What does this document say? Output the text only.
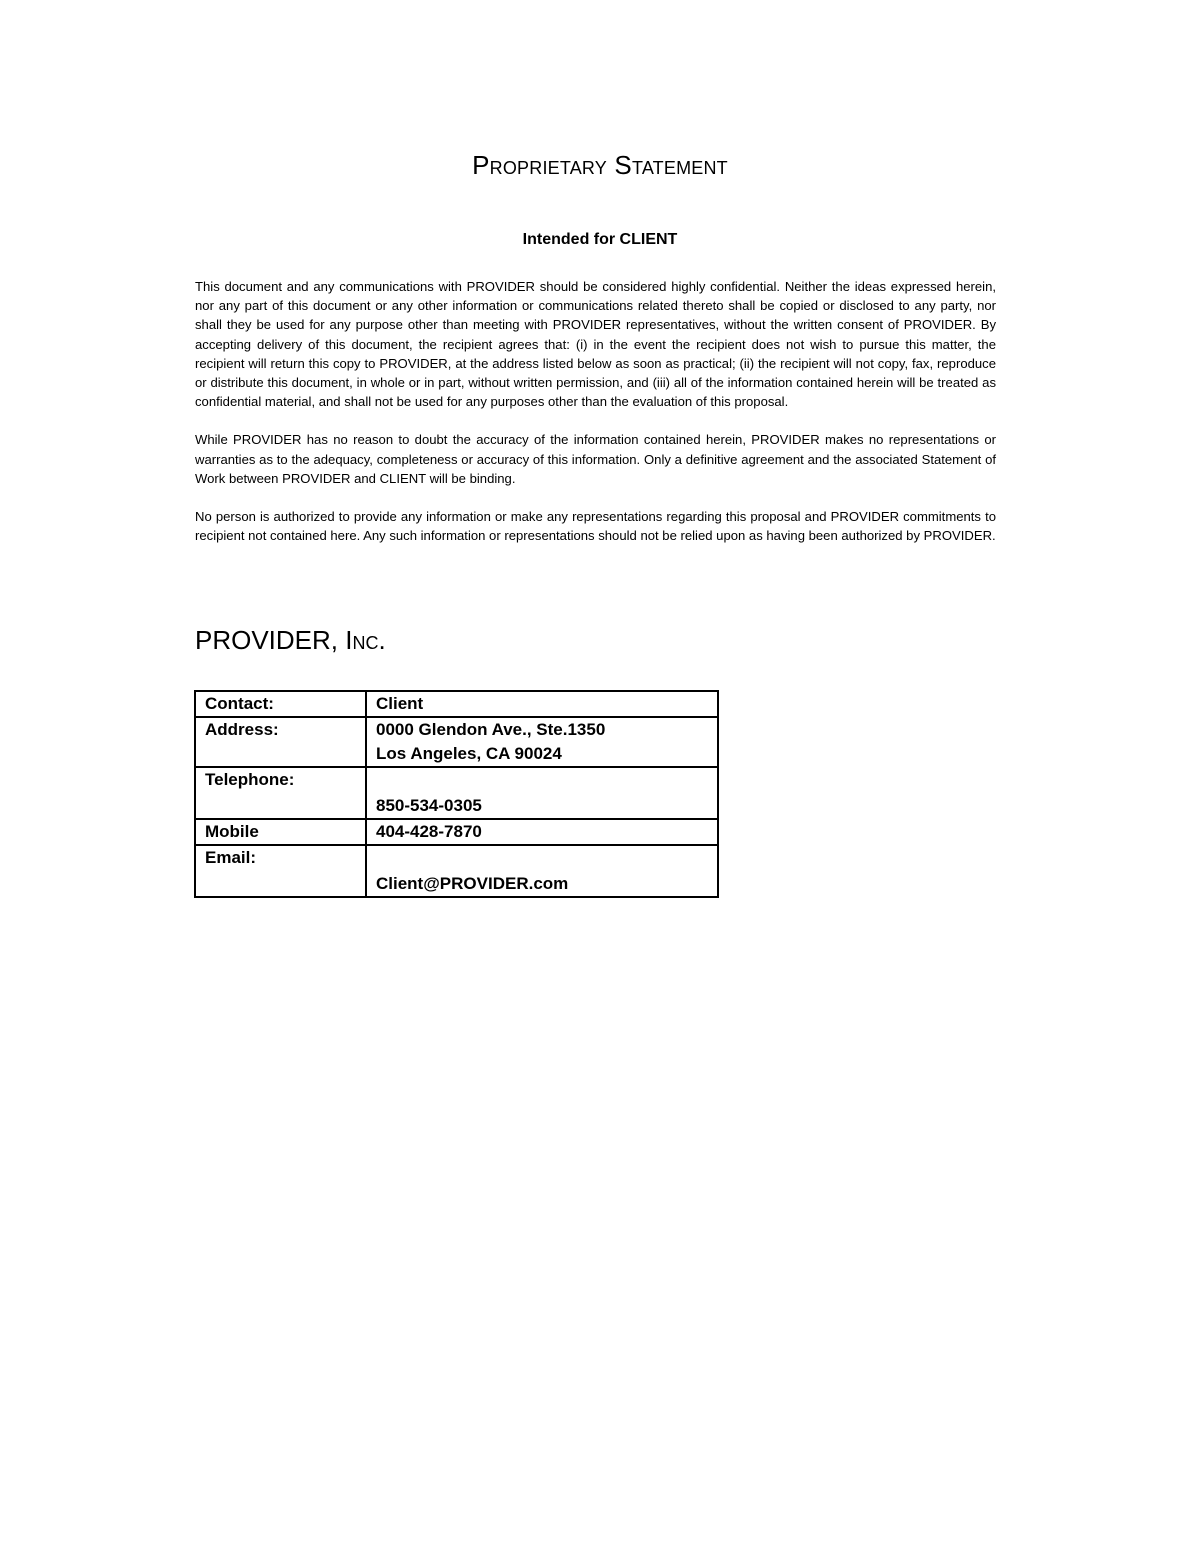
Proprietary Statement
Intended for CLIENT

This document and any communications with PROVIDER should be considered highly confidential. Neither the ideas expressed herein, nor any part of this document or any other information or communications related thereto shall be copied or disclosed to any party, nor shall they be used for any purpose other than meeting with PROVIDER representatives, without the written consent of PROVIDER. By accepting delivery of this document, the recipient agrees that: (i) in the event the recipient does not wish to pursue this matter, the recipient will return this copy to PROVIDER, at the address listed below as soon as practical; (ii) the recipient will not copy, fax, reproduce or distribute this document, in whole or in part, without written permission, and (iii) all of the information contained herein will be treated as confidential material, and shall not be used for any purposes other than the evaluation of this proposal.

While PROVIDER has no reason to doubt the accuracy of the information contained herein, PROVIDER makes no representations or warranties as to the adequacy, completeness or accuracy of this information. Only a definitive agreement and the associated Statement of Work between PROVIDER and CLIENT will be binding.

No person is authorized to provide any information or make any representations regarding this proposal and PROVIDER commitments to recipient not contained here. Any such information or representations should not be relied upon as having been authorized by PROVIDER.

PROVIDER, Inc.
Contact:	Client
Address:	0000 Glendon Ave., Ste.1350
Los Angeles, CA 90024

Telephone:	850-534-0305

Mobile	404-428-7870
Email:	Client@PROVIDER.com
